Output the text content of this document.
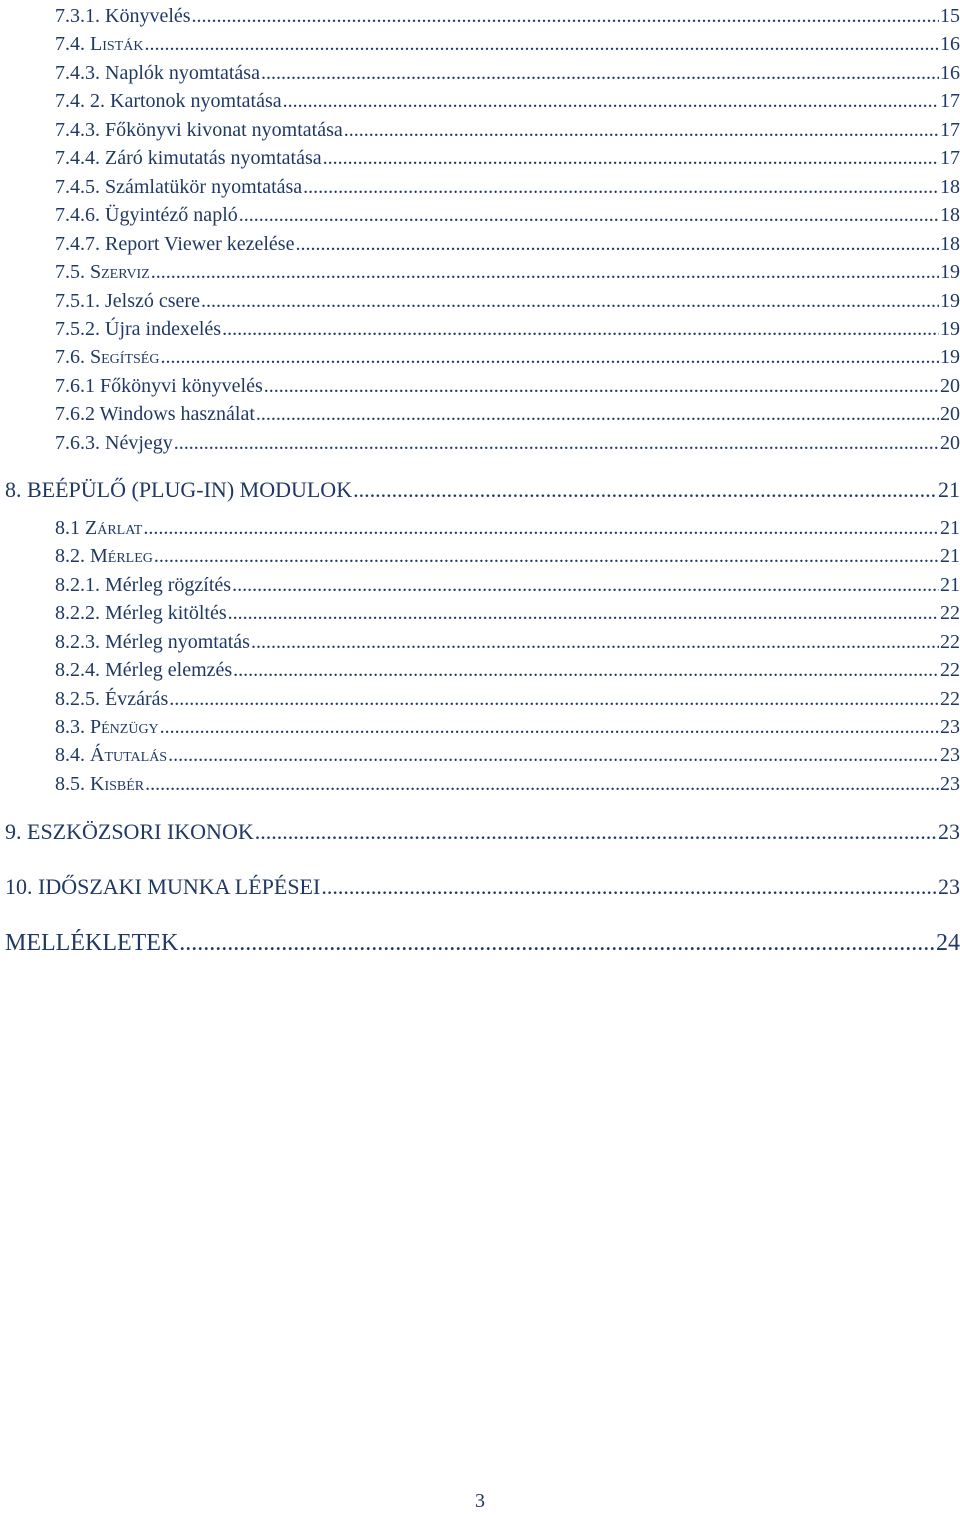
7.3.1. Könyvelés .....	15
7.4. Listák .....	16
7.4.3. Naplók nyomtatása .....	16
7.4. 2. Kartonok nyomtatása .....	17
7.4.3. Főkönyvi kivonat nyomtatása .....	17
7.4.4. Záró kimutatás nyomtatása .....	17
7.4.5. Számlatükör nyomtatása .....	18
7.4.6. Ügyintéző napló .....	18
7.4.7. Report Viewer kezelése .....	18
7.5. Szerviz .....	19
7.5.1. Jelszó csere .....	19
7.5.2. Újra indexelés .....	19
7.6. Segítség .....	19
7.6.1 Főkönyvi könyvelés .....	20
7.6.2 Windows használat .....	20
7.6.3. Névjegy .....	20
8. BEÉPÜLŐ (PLUG-IN) MODULOK .....	21
8.1 Zárlat .....	21
8.2. Mérleg .....	21
8.2.1. Mérleg rögzítés .....	21
8.2.2. Mérleg kitöltés .....	22
8.2.3. Mérleg nyomtatás .....	22
8.2.4. Mérleg elemzés .....	22
8.2.5. Évzárás .....	22
8.3. Pénzügy .....	23
8.4. Átutalás .....	23
8.5. Kisbér .....	23
9. ESZKÖZSORI IKONOK .....	23
10. IDŐSZAKI MUNKA LÉPÉSEI .....	23
MELLÉKLETEK .....	24
3
